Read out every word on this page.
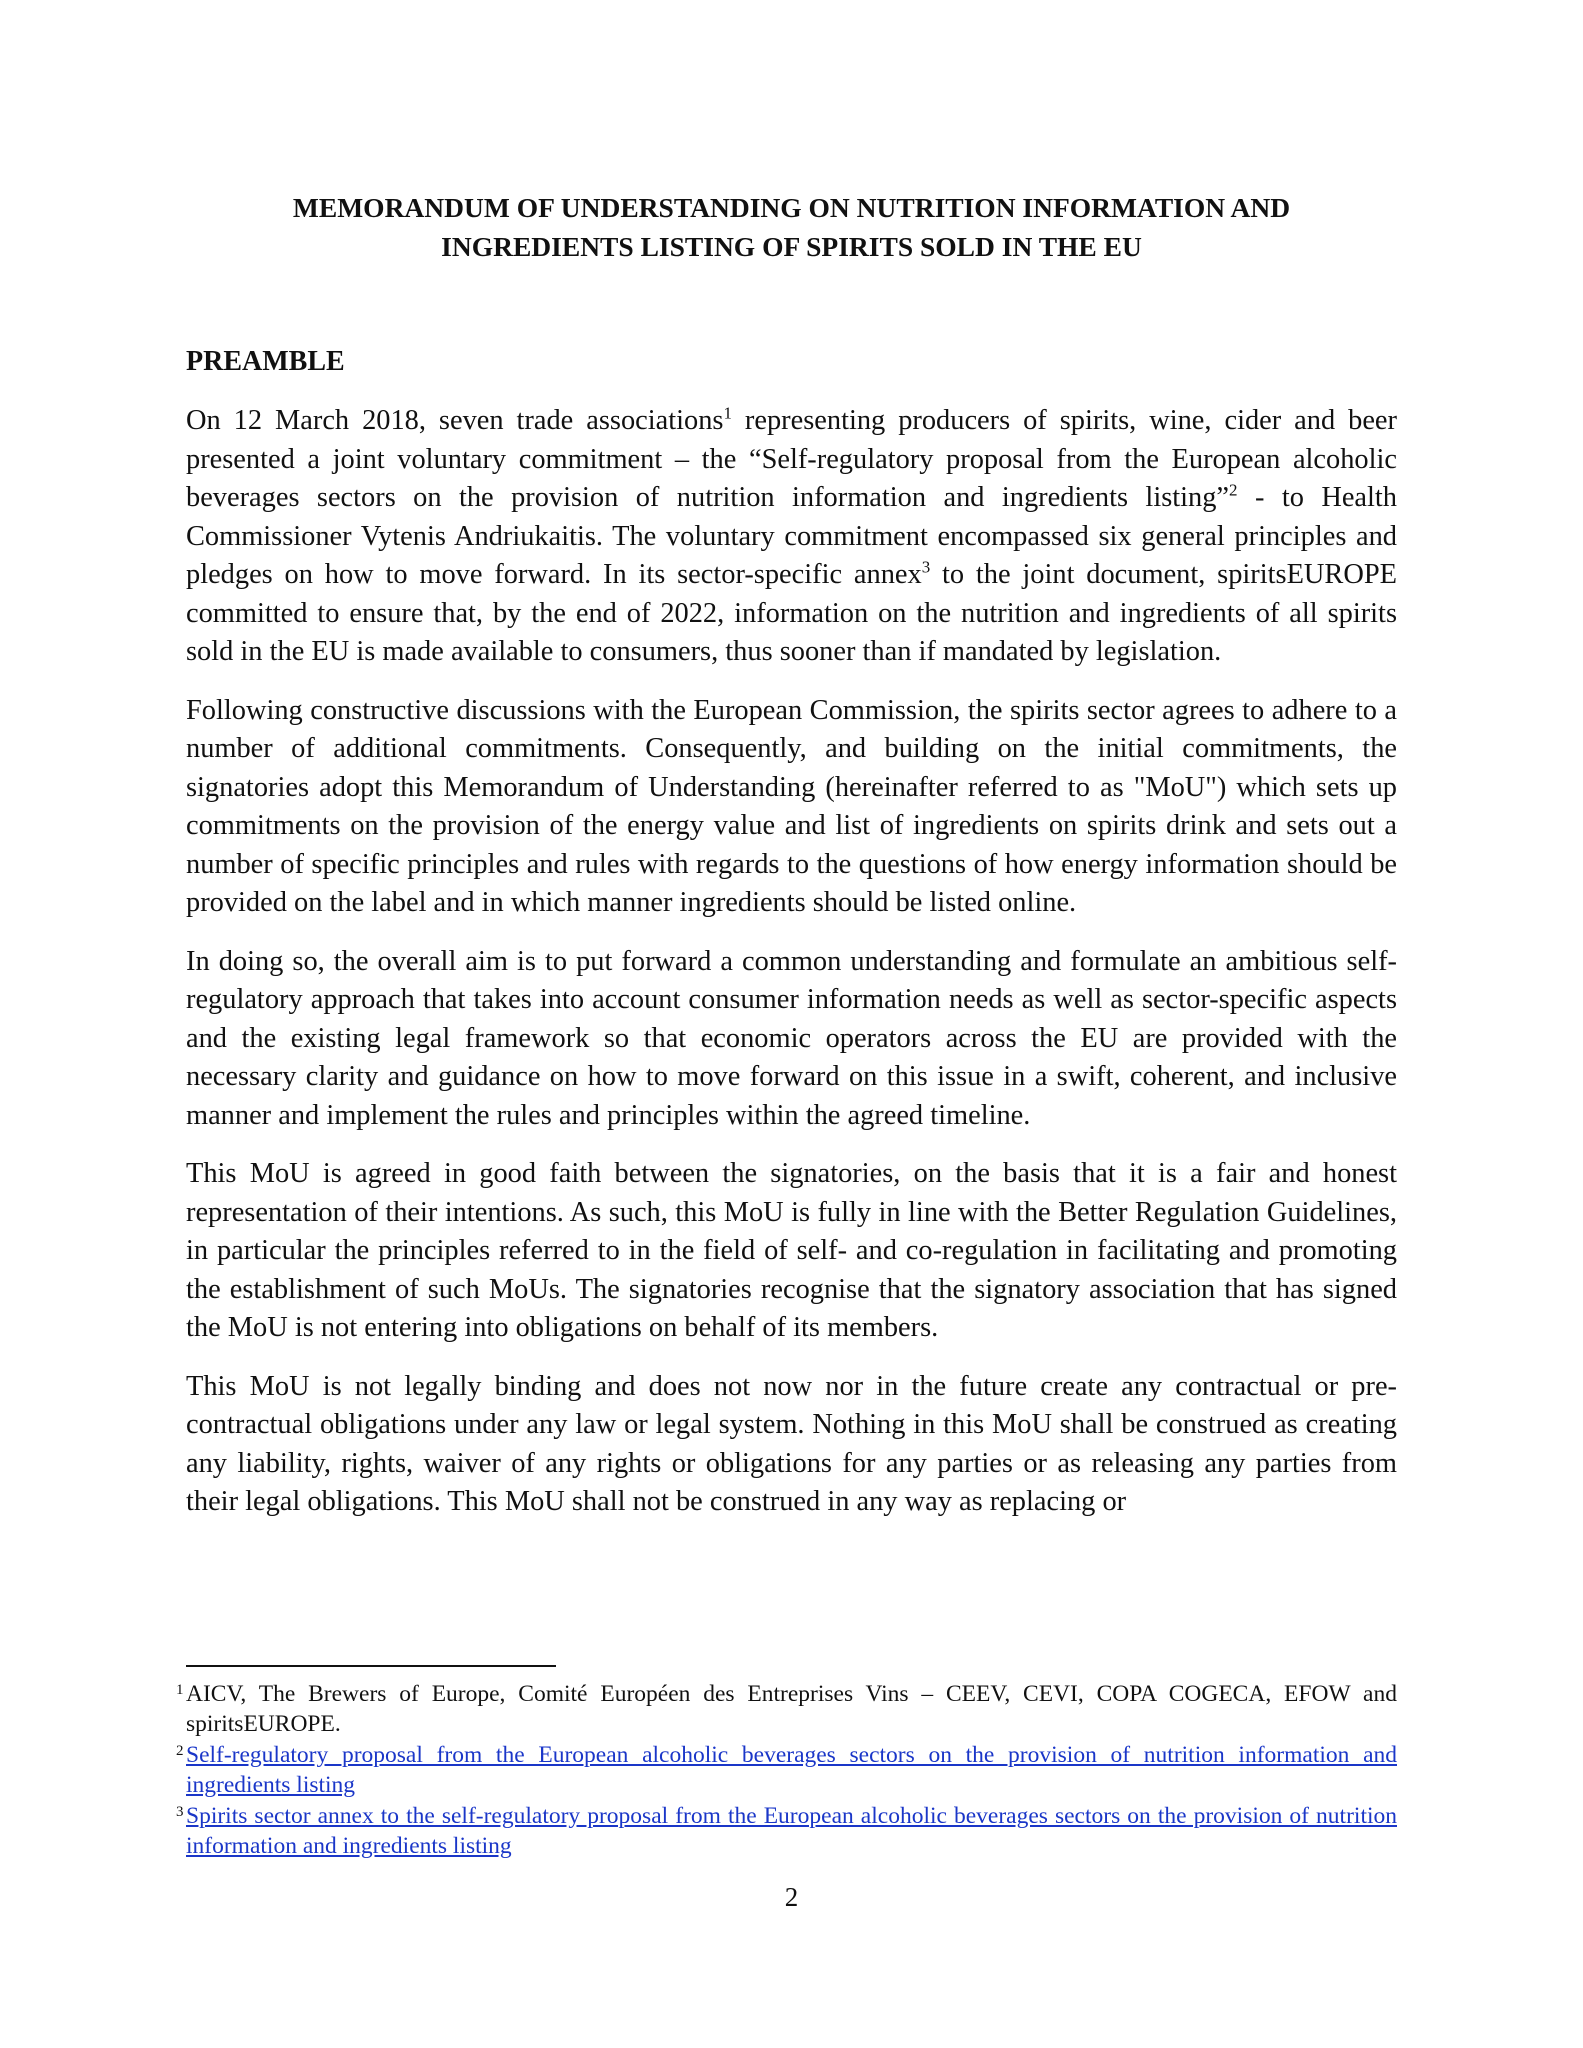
MEMORANDUM OF UNDERSTANDING ON NUTRITION INFORMATION AND
INGREDIENTS LISTING OF SPIRITS SOLD IN THE EU
PREAMBLE

On 12 March 2018, seven trade associations$^1$ representing producers of spirits, wine, cider and beer presented a joint voluntary commitment – the “Self-regulatory proposal from the European alcoholic beverages sectors on the provision of nutrition information and ingredients listing”$^2$ - to Health Commissioner Vytenis Andriukaitis. The voluntary commitment encompassed six general principles and pledges on how to move forward. In its sector-specific annex$^3$ to the joint document, spiritsEUROPE committed to ensure that, by the end of 2022, information on the nutrition and ingredients of all spirits sold in the EU is made available to consumers, thus sooner than if mandated by legislation.

Following constructive discussions with the European Commission, the spirits sector agrees to adhere to a number of additional commitments. Consequently, and building on the initial commitments, the signatories adopt this Memorandum of Understanding (hereinafter referred to as "MoU") which sets up commitments on the provision of the energy value and list of ingredients on spirits drink and sets out a number of specific principles and rules with regards to the questions of how energy information should be provided on the label and in which manner ingredients should be listed online.

In doing so, the overall aim is to put forward a common understanding and formulate an ambitious self-regulatory approach that takes into account consumer information needs as well as sector-specific aspects and the existing legal framework so that economic operators across the EU are provided with the necessary clarity and guidance on how to move forward on this issue in a swift, coherent, and inclusive manner and implement the rules and principles within the agreed timeline.

This MoU is agreed in good faith between the signatories, on the basis that it is a fair and honest representation of their intentions. As such, this MoU is fully in line with the Better Regulation Guidelines, in particular the principles referred to in the field of self- and co-regulation in facilitating and promoting the establishment of such MoUs. The signatories recognise that the signatory association that has signed the MoU is not entering into obligations on behalf of its members.

This MoU is not legally binding and does not now nor in the future create any contractual or pre-contractual obligations under any law or legal system. Nothing in this MoU shall be construed as creating any liability, rights, waiver of any rights or obligations for any parties or as releasing any parties from their legal obligations. This MoU shall not be construed in any way as replacing or

1 AICV, The Brewers of Europe, Comité Européen des Entreprises Vins – CEEV, CEVI, COPA COGECA, EFOW and spiritsEUROPE.
2 Self-regulatory proposal from the European alcoholic beverages sectors on the provision of nutrition information and ingredients listing
3 Spirits sector annex to the self-regulatory proposal from the European alcoholic beverages sectors on the provision of nutrition information and ingredients listing
2
